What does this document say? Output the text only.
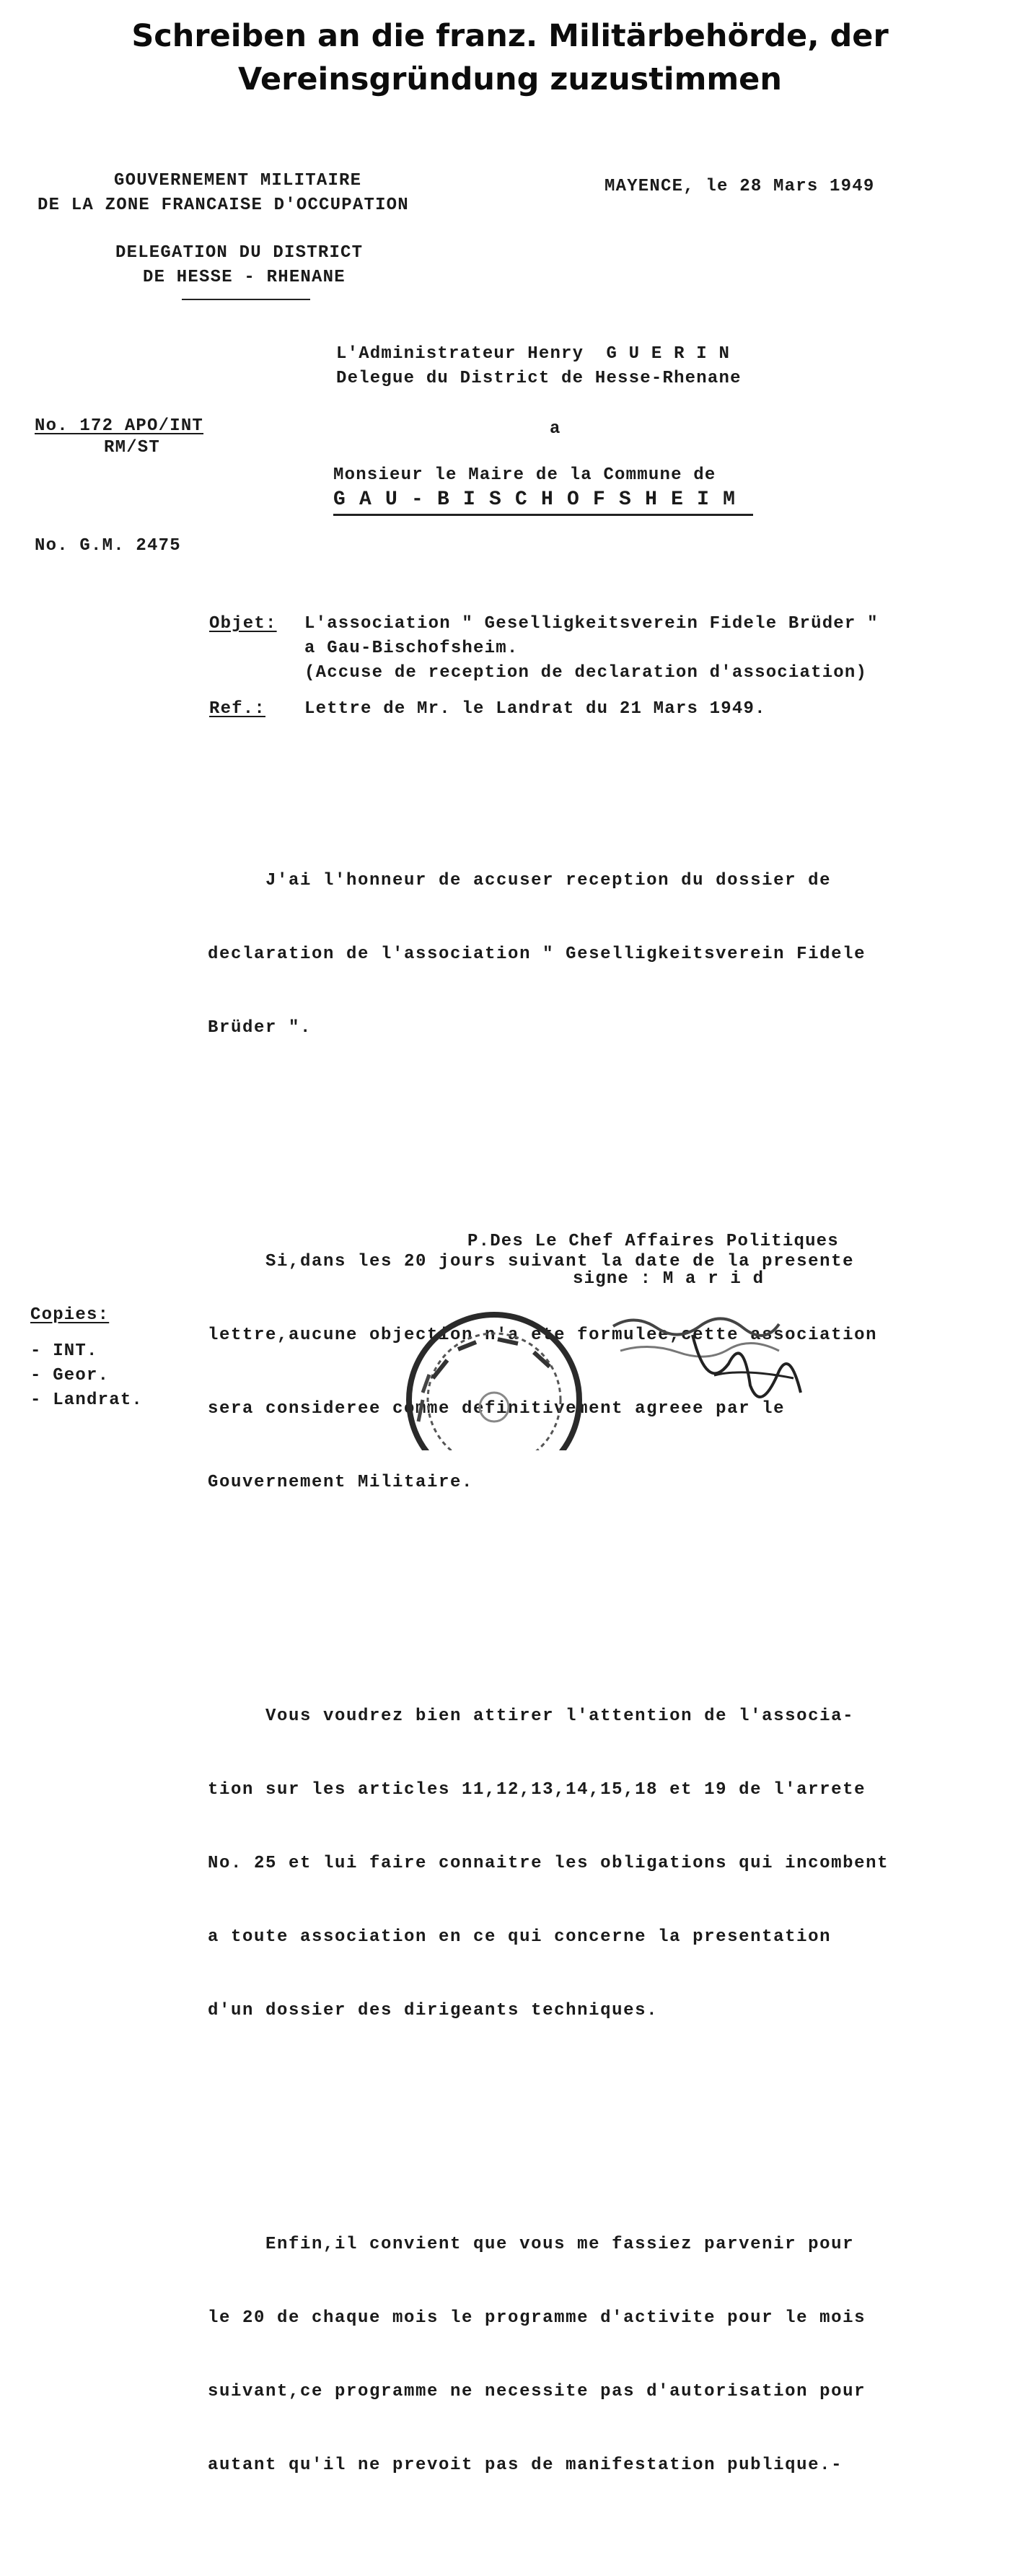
Schreiben an die franz. Militärbehörde, der
Vereinsgründung zuzustimmen
GOUVERNEMENT MILITAIRE
DE LA ZONE FRANCAISE D'OCCUPATION
DELEGATION DU DISTRICT
DE HESSE - RHENANE
MAYENCE, le 28 Mars 1949
L'Administrateur Henry  G U E R I N
Delegue du District de Hesse-Rhenane
No. 172 APO/INT
RM/ST
a
Monsieur le Maire de la Commune de
G A U - B I S C H O F S H E I M
No. G.M. 2475
Objet: L'association " Geselligkeitsverein Fidele Brüder "
a Gau-Bischofsheim.
(Accuse de reception de declaration d'association)
Ref.: Lettre de Mr. le Landrat du 21 Mars 1949.

J'ai l'honneur de accuser reception du dossier de

declaration de l'association " Geselligkeitsverein Fidele

Brüder ".

Si,dans les 20 jours suivant la date de la presente

lettre,aucune objection n'a ete formulee,cette association

sera consideree comme definitivement agreee par le

Gouvernement Militaire.

Vous voudrez bien attirer l'attention de l'associa-

tion sur les articles 11,12,13,14,15,18 et 19 de l'arrete

No. 25 et lui faire connaitre les obligations qui incombent

a toute association en ce qui concerne la presentation

d'un dossier des dirigeants techniques.

Enfin,il convient que vous me fassiez parvenir pour

le 20 de chaque mois le programme d'activite pour le mois

suivant,ce programme ne necessite pas d'autorisation pour

autant qu'il ne prevoit pas de manifestation publique.-

P.Des Le Chef Affaires Politiques
signe : M a r i d
Copies:
- INT.
- Geor.
- Landrat.
